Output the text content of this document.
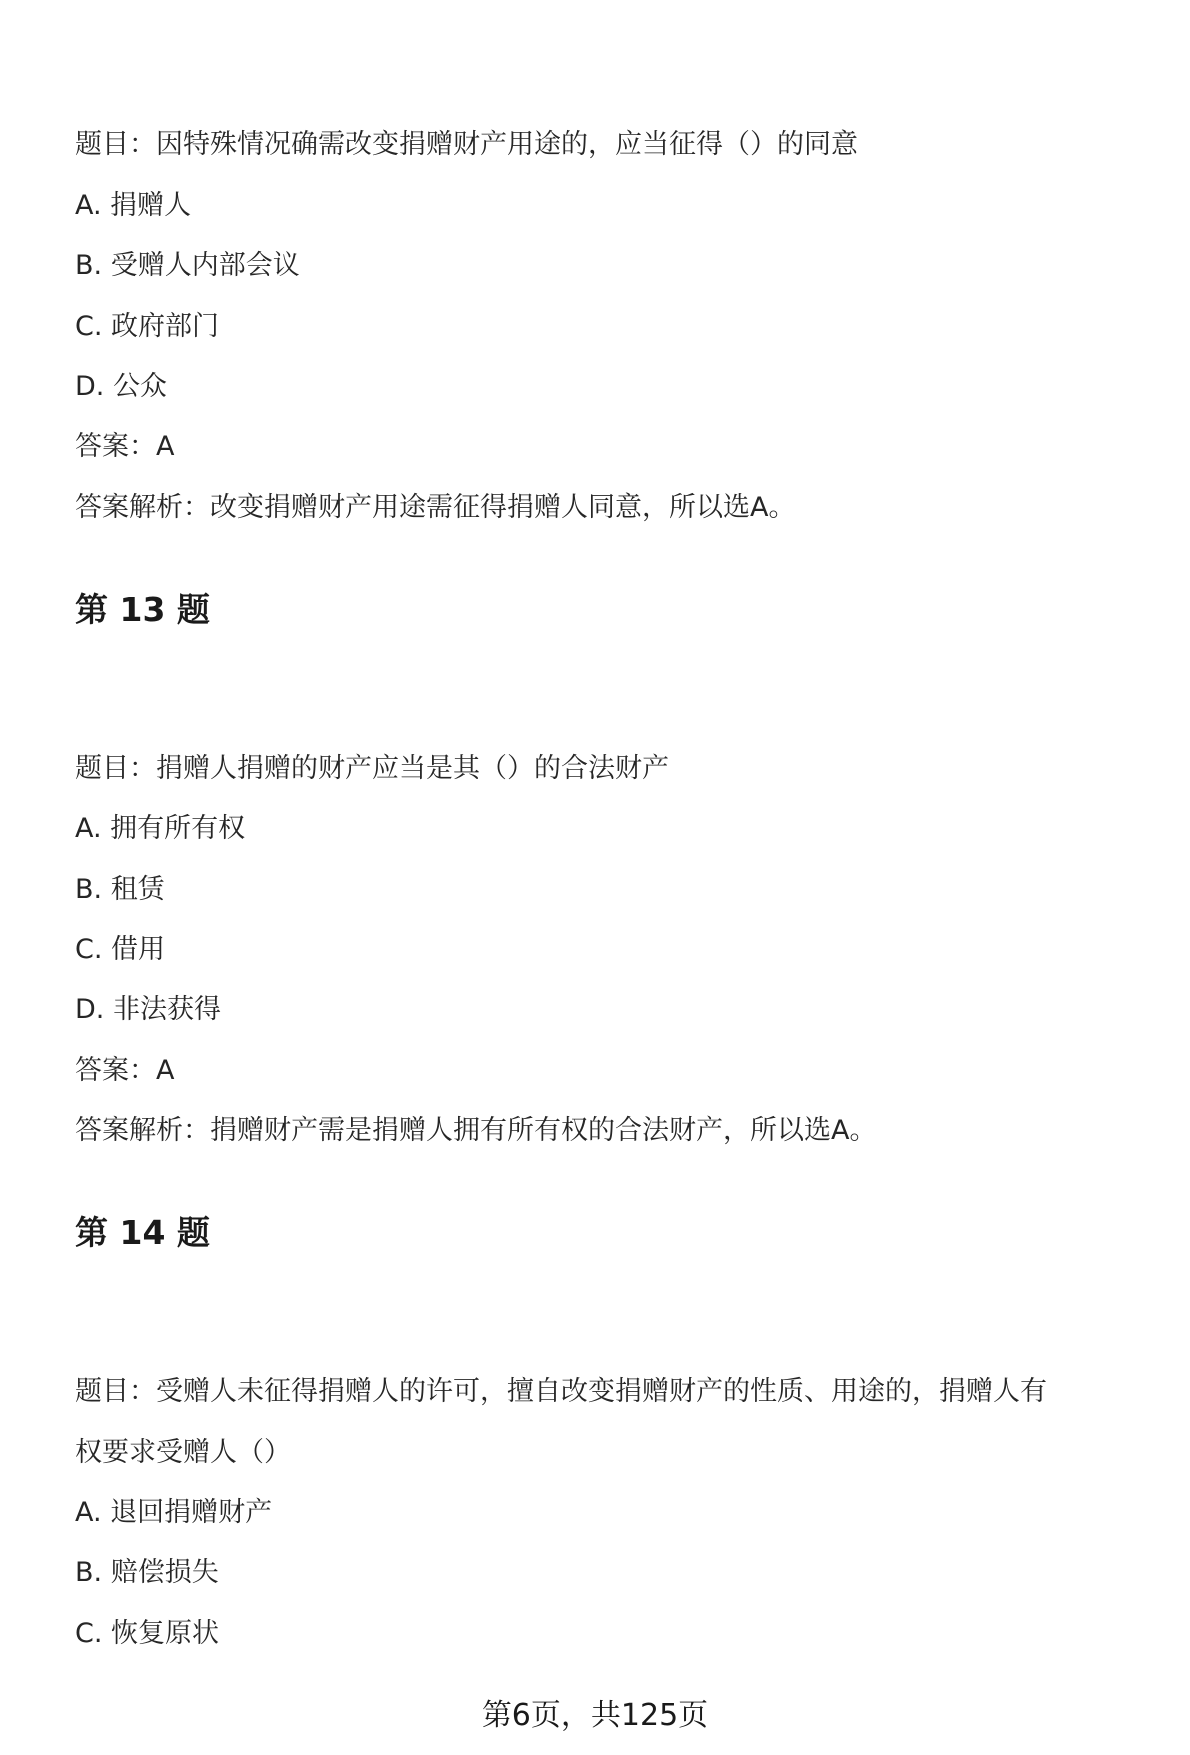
题目：因特殊情况确需改变捐赠财产用途的，应当征得（）的同意
A. 捐赠人
B. 受赠人内部会议
C. 政府部门
D. 公众
答案：A
答案解析：改变捐赠财产用途需征得捐赠人同意，所以选A。
第 13 题
题目：捐赠人捐赠的财产应当是其（）的合法财产
A. 拥有所有权
B. 租赁
C. 借用
D. 非法获得
答案：A
答案解析：捐赠财产需是捐赠人拥有所有权的合法财产，所以选A。
第 14 题
题目：受赠人未征得捐赠人的许可，擅自改变捐赠财产的性质、用途的，捐赠人有
权要求受赠人（）
A. 退回捐赠财产
B. 赔偿损失
C. 恢复原状
第6页，共125页
